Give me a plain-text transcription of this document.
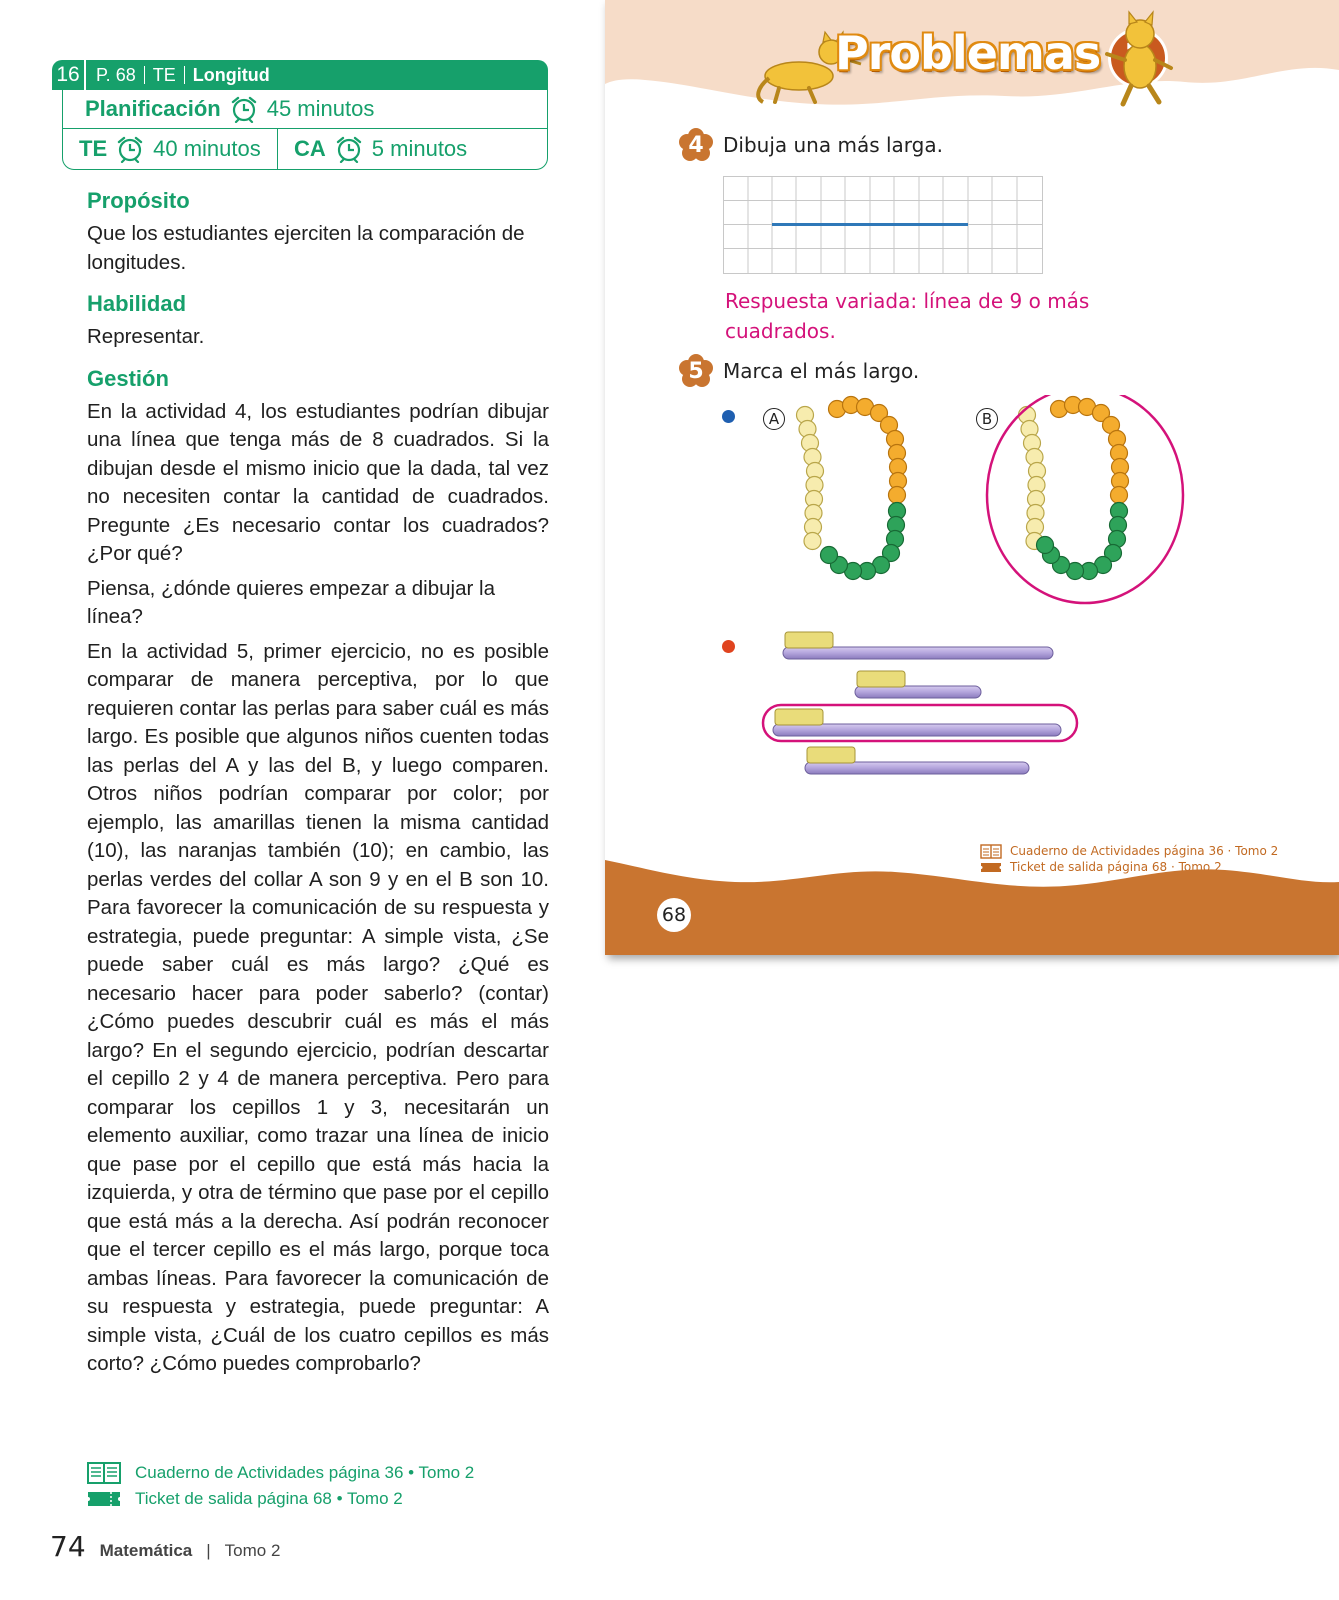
16 P. 68 TE Longitud
Planificación 45 minutos
TE 40 minutos CA 5 minutos
Propósito

Que los estudiantes ejerciten la comparación de longitudes.

Habilidad

Representar.

Gestión

En la actividad 4, los estudiantes podrían dibujar una línea que tenga más de 8 cuadrados. Si la dibujan desde el mismo inicio que la dada, tal vez no necesiten contar la cantidad de cuadrados. Pregunte ¿Es necesario contar los cuadrados? ¿Por qué?

Piensa, ¿dónde quieres empezar a dibujar la línea?

En la actividad 5, primer ejercicio, no es posible comparar de manera perceptiva, por lo que requieren contar las perlas para saber cuál es más largo. Es posible que algunos niños cuenten todas las perlas del A y las del B, y luego comparen. Otros niños podrían comparar por color; por ejemplo, las amarillas tienen la misma cantidad (10), las naranjas también (10); en cambio, las perlas verdes del collar A son 9 y en el B son 10. Para favorecer la comunicación de su respuesta y estrategia, puede preguntar: A simple vista, ¿Se puede saber cuál es más largo? ¿Qué es necesario hacer para poder saberlo? (contar) ¿Cómo puedes descubrir cuál es más el más largo? En el segundo ejercicio, podrían descartar el cepillo 2 y 4 de manera perceptiva. Pero para comparar los cepillos 1 y 3, necesitarán un elemento auxiliar, como trazar una línea de inicio que pase por el cepillo que está más hacia la izquierda, y otra de término que pase por el cepillo que está más a la derecha. Así podrán reconocer que el tercer cepillo es el más largo, porque toca ambas líneas. Para favorecer la comunicación de su respuesta y estrategia, puede preguntar: A simple vista, ¿Cuál de los cuatro cepillos es más corto? ¿Cómo puedes comprobarlo?

Cuaderno de Actividades página 36 • Tomo 2
Ticket de salida página 68 • Tomo 2
74 Matemática | Tomo 2
Problemas
4 Dibuja una más larga.
Respuesta variada: línea de 9 o más cuadrados.
5 Marca el más largo.
A	B
Cuaderno de Actividades página 36 · Tomo 2
Ticket de salida página 68 · Tomo 2
68
